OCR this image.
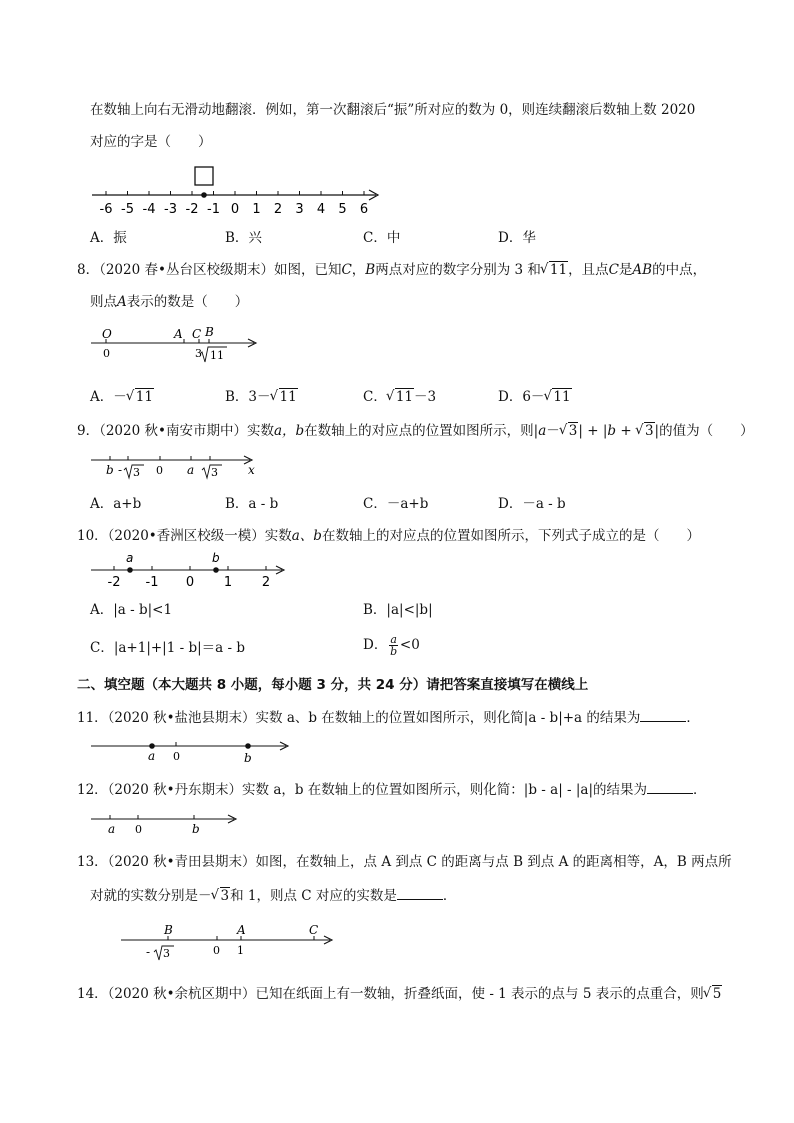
在数轴上向右无滑动地翻滚．例如，第一次翻滚后“振”所对应的数为 0，则连续翻滚后数轴上数 2020
对应的字是（　　）
-6 -5 -4 -3 -2 -1 0 1 2 3 4 5 6
A．振	B．兴	C．中	D．华
8．（2020 春•丛台区校级期末）如图，已知C，B两点对应的数字分别为 3 和 √ 11，且点C是AB的中点，
则点A表示的数是（　　）
O	A C B
0	3 11
A．－ √ 11	B．3－ √ 11	C． √ 11－3	D．6－ √ 11
9．（2020 秋•南安市期中）实数a，b在数轴上的对应点的位置如图所示，则|a－ √ 3| + |b + √ 3|的值为（　　）
b - 3 0 a 3	x
A．a+b	B．a - b	C．－a+b	D．－a - b
10．（2020•香洲区校级一模）实数a、b在数轴上的对应点的位置如图所示，下列式子成立的是（　　）
-2 -1 0 1 2
a	b
A．|a - b|<1	B．|a|<|b|
C．|a+1|+|1 - b|＝a - b	D． $\frac{a}{b} <0$
二、填空题（本大题共 8 小题，每小题 3 分，共 24 分）请把答案直接填写在横线上
11．（2020 秋•盐池县期末）实数 a、b 在数轴上的位置如图所示，则化简|a - b|+a 的结果为	．
a 0	b
12．（2020 秋•丹东期末）实数 a，b 在数轴上的位置如图所示，则化简：|b - a| - |a|的结果为	．
a 0	b
13．（2020 秋•青田县期末）如图，在数轴上，点 A 到点 C 的距离与点 B 到点 A 的距离相等，A，B 两点所
对就的实数分别是－ √ 3和 1，则点 C 对应的实数是	．
B	A	C
- 3	0 1
14．（2020 秋•余杭区期中）已知在纸面上有一数轴，折叠纸面，使 - 1 表示的点与 5 表示的点重合，则 √ 5
